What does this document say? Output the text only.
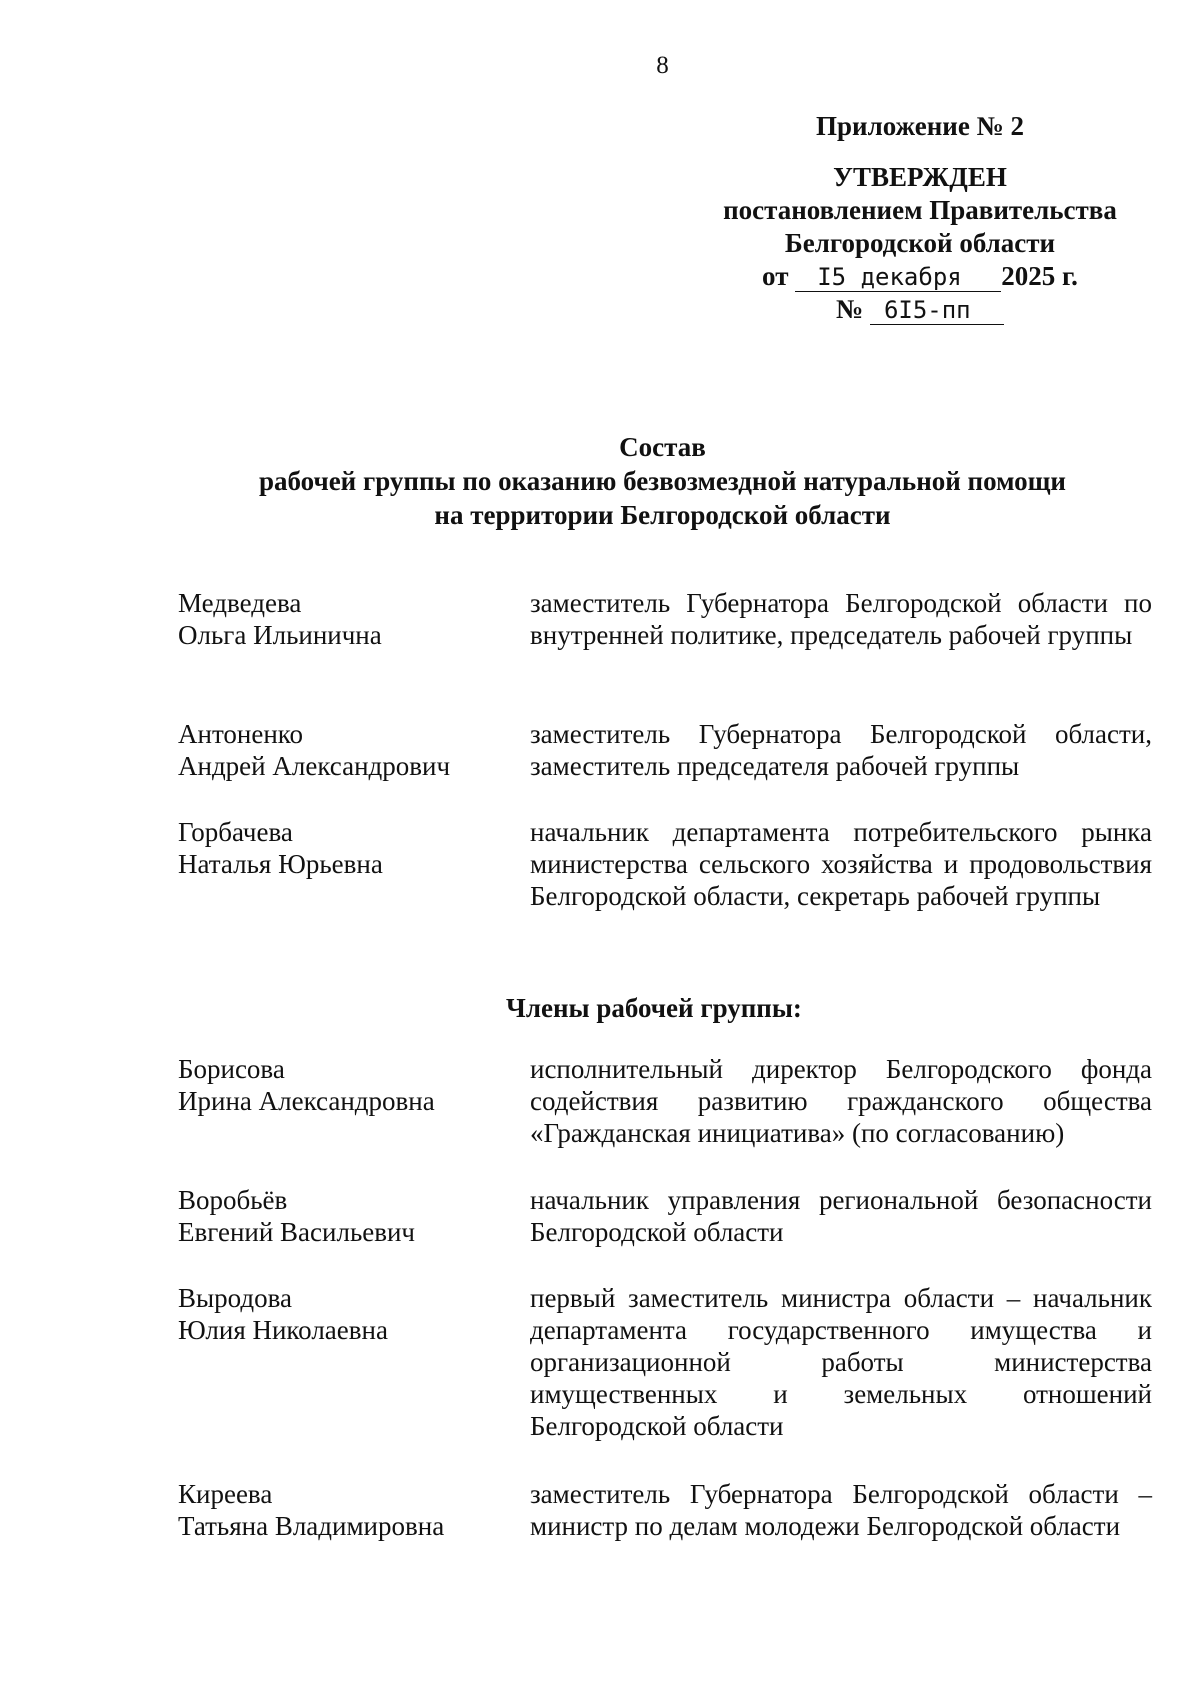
8
Приложение № 2
УТВЕРЖДЕН
постановлением Правительства
Белгородской области
от I5 декабря 2025 г.
№ 6I5-пп
Состав
рабочей группы по оказанию безвозмездной натуральной помощи
на территории Белгородской области
Медведева
Ольга Ильинична
заместитель Губернатора Белгородской области по внутренней политике, председатель рабочей группы
Антоненко
Андрей Александрович
заместитель Губернатора Белгородской области, заместитель председателя рабочей группы
Горбачева
Наталья Юрьевна
начальник департамента потребительского рынка министерства сельского хозяйства и продовольствия Белгородской области, секретарь рабочей группы
Члены рабочей группы:
Борисова
Ирина Александровна
исполнительный директор Белгородского фонда содействия развитию гражданского общества «Гражданская инициатива» (по согласованию)
Воробьёв
Евгений Васильевич
начальник управления региональной безопасности Белгородской области
Выродова
Юлия Николаевна
первый заместитель министра области – начальник департамента государственного имущества и организационной работы министерства имущественных и земельных отношений Белгородской области
Киреева
Татьяна Владимировна
заместитель Губернатора Белгородской области – министр по делам молодежи Белгородской области
